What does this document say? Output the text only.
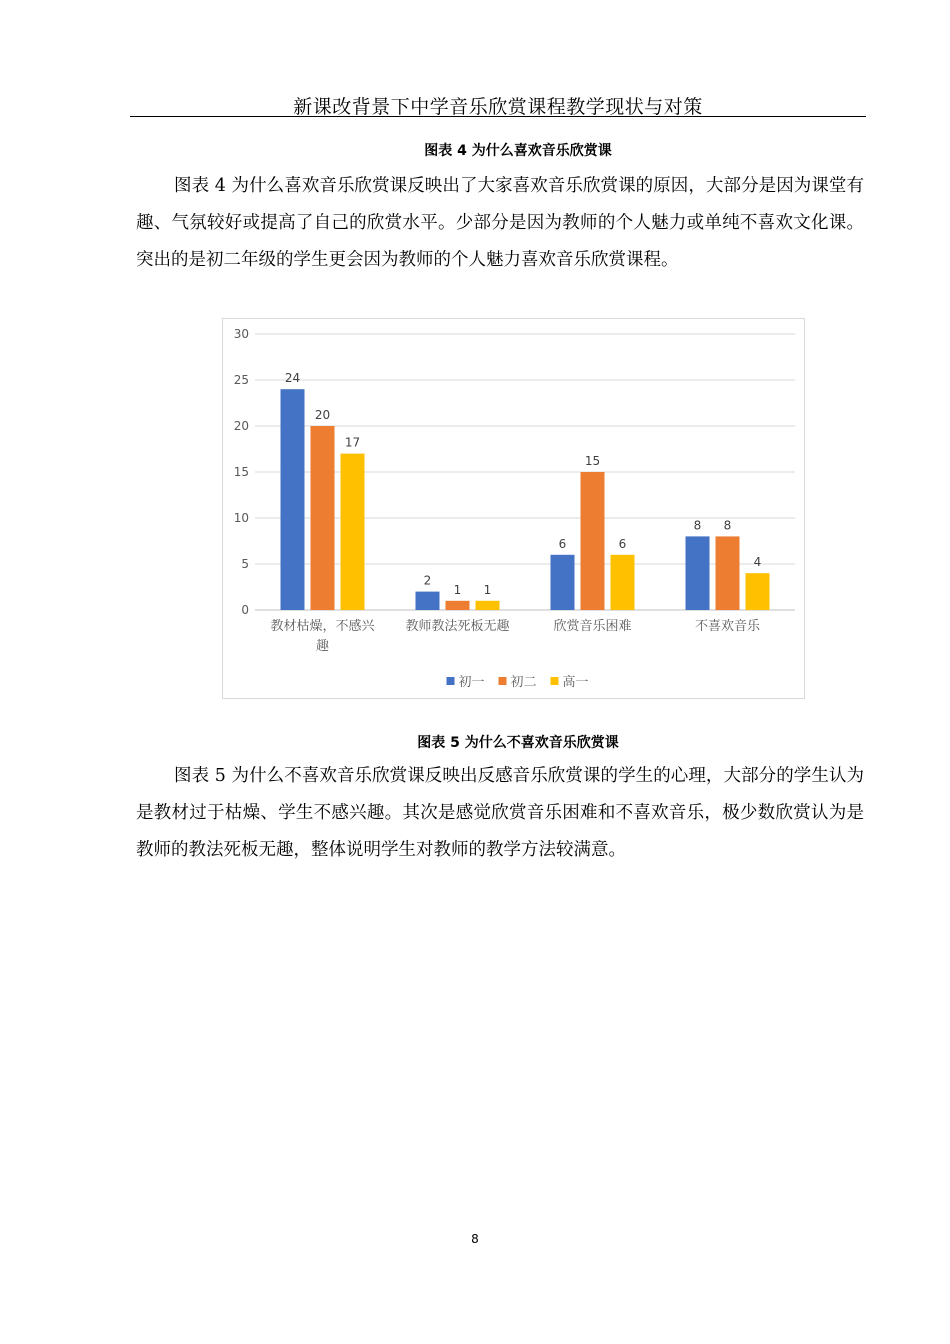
新课改背景下中学音乐欣赏课程教学现状与对策
图表 4 为什么喜欢音乐欣赏课

图表 4 为什么喜欢音乐欣赏课反映出了大家喜欢音乐欣赏课的原因，大部分是因为课堂有趣、气氛较好或提高了自己的欣赏水平。少部分是因为教师的个人魅力或单纯不喜欢文化课。突出的是初二年级的学生更会因为教师的个人魅力喜欢音乐欣赏课程。

0
5
10
15
20
25
30
24
20
17
教材枯燥，不感兴
趣
2
1 1
教师教法死板无趣
6
15
6
欣赏音乐困难
8 8
4
不喜欢音乐
初一 初二 高一
图表 5 为什么不喜欢音乐欣赏课

图表 5 为什么不喜欢音乐欣赏课反映出反感音乐欣赏课的学生的心理，大部分的学生认为是教材过于枯燥、学生不感兴趣。其次是感觉欣赏音乐困难和不喜欢音乐，极少数欣赏认为是教师的教法死板无趣，整体说明学生对教师的教学方法较满意。

8
